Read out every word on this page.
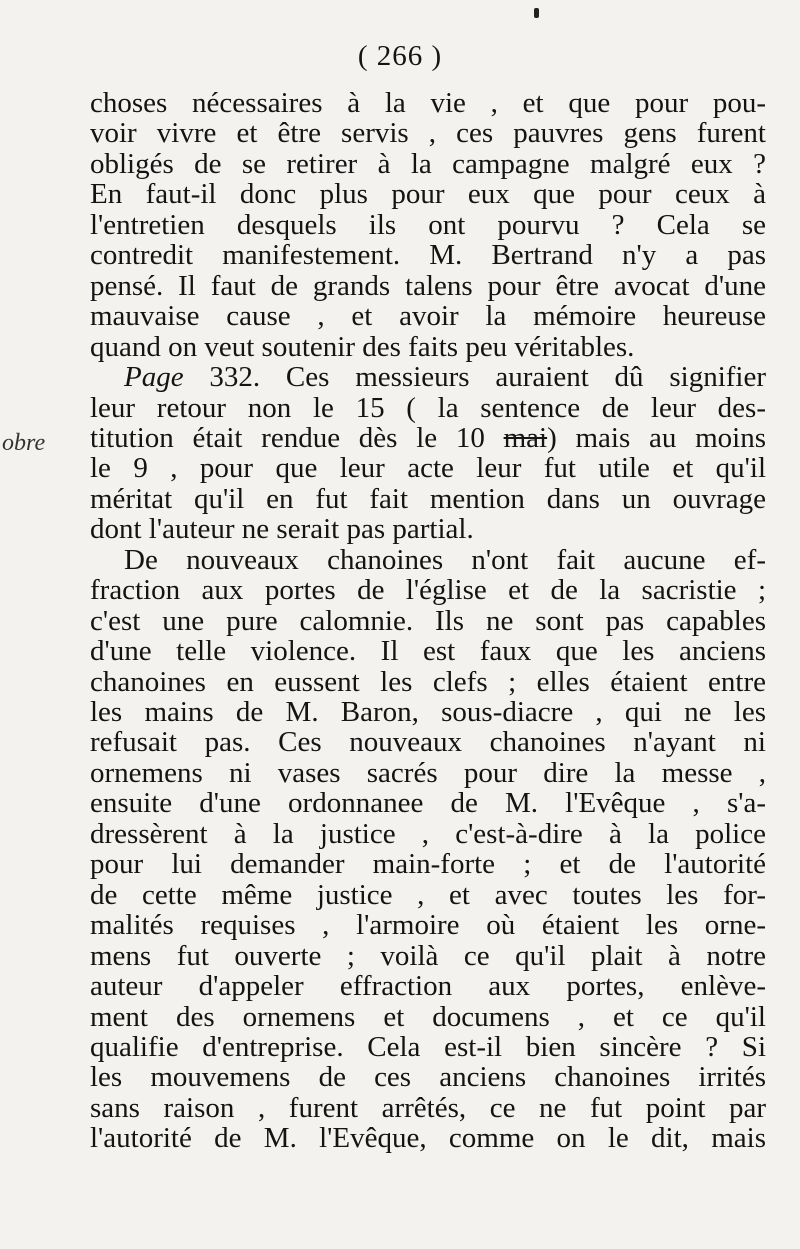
( 266 )
obre
choses nécessaires à la vie , et que pour pou-
voir vivre et être servis , ces pauvres gens furent
obligés de se retirer à la campagne malgré eux ?
En faut-il donc plus pour eux que pour ceux à
l'entretien desquels ils ont pourvu ? Cela se
contredit manifestement. M. Bertrand n'y a pas
pensé. Il faut de grands talens pour être avocat d'une
mauvaise cause , et avoir la mémoire heureuse
quand on veut soutenir des faits peu véritables.
Page 332. Ces messieurs auraient dû signifier
leur retour non le 15 ( la sentence de leur des-
titution était rendue dès le 10 mai) mais au moins
le 9 , pour que leur acte leur fut utile et qu'il
méritat qu'il en fut fait mention dans un ouvrage
dont l'auteur ne serait pas partial.
De nouveaux chanoines n'ont fait aucune ef-
fraction aux portes de l'église et de la sacristie ;
c'est une pure calomnie. Ils ne sont pas capables
d'une telle violence. Il est faux que les anciens
chanoines en eussent les clefs ; elles étaient entre
les mains de M. Baron, sous-diacre , qui ne les
refusait pas. Ces nouveaux chanoines n'ayant ni
ornemens ni vases sacrés pour dire la messe ,
ensuite d'une ordonnanee de M. l'Evêque , s'a-
dressèrent à la justice , c'est-à-dire à la police
pour lui demander main-forte ; et de l'autorité
de cette même justice , et avec toutes les for-
malités requises , l'armoire où étaient les orne-
mens fut ouverte ; voilà ce qu'il plait à notre
auteur d'appeler effraction aux portes, enlève-
ment des ornemens et documens , et ce qu'il
qualifie d'entreprise. Cela est-il bien sincère ? Si
les mouvemens de ces anciens chanoines irrités
sans raison , furent arrêtés, ce ne fut point par
l'autorité de M. l'Evêque, comme on le dit, mais
